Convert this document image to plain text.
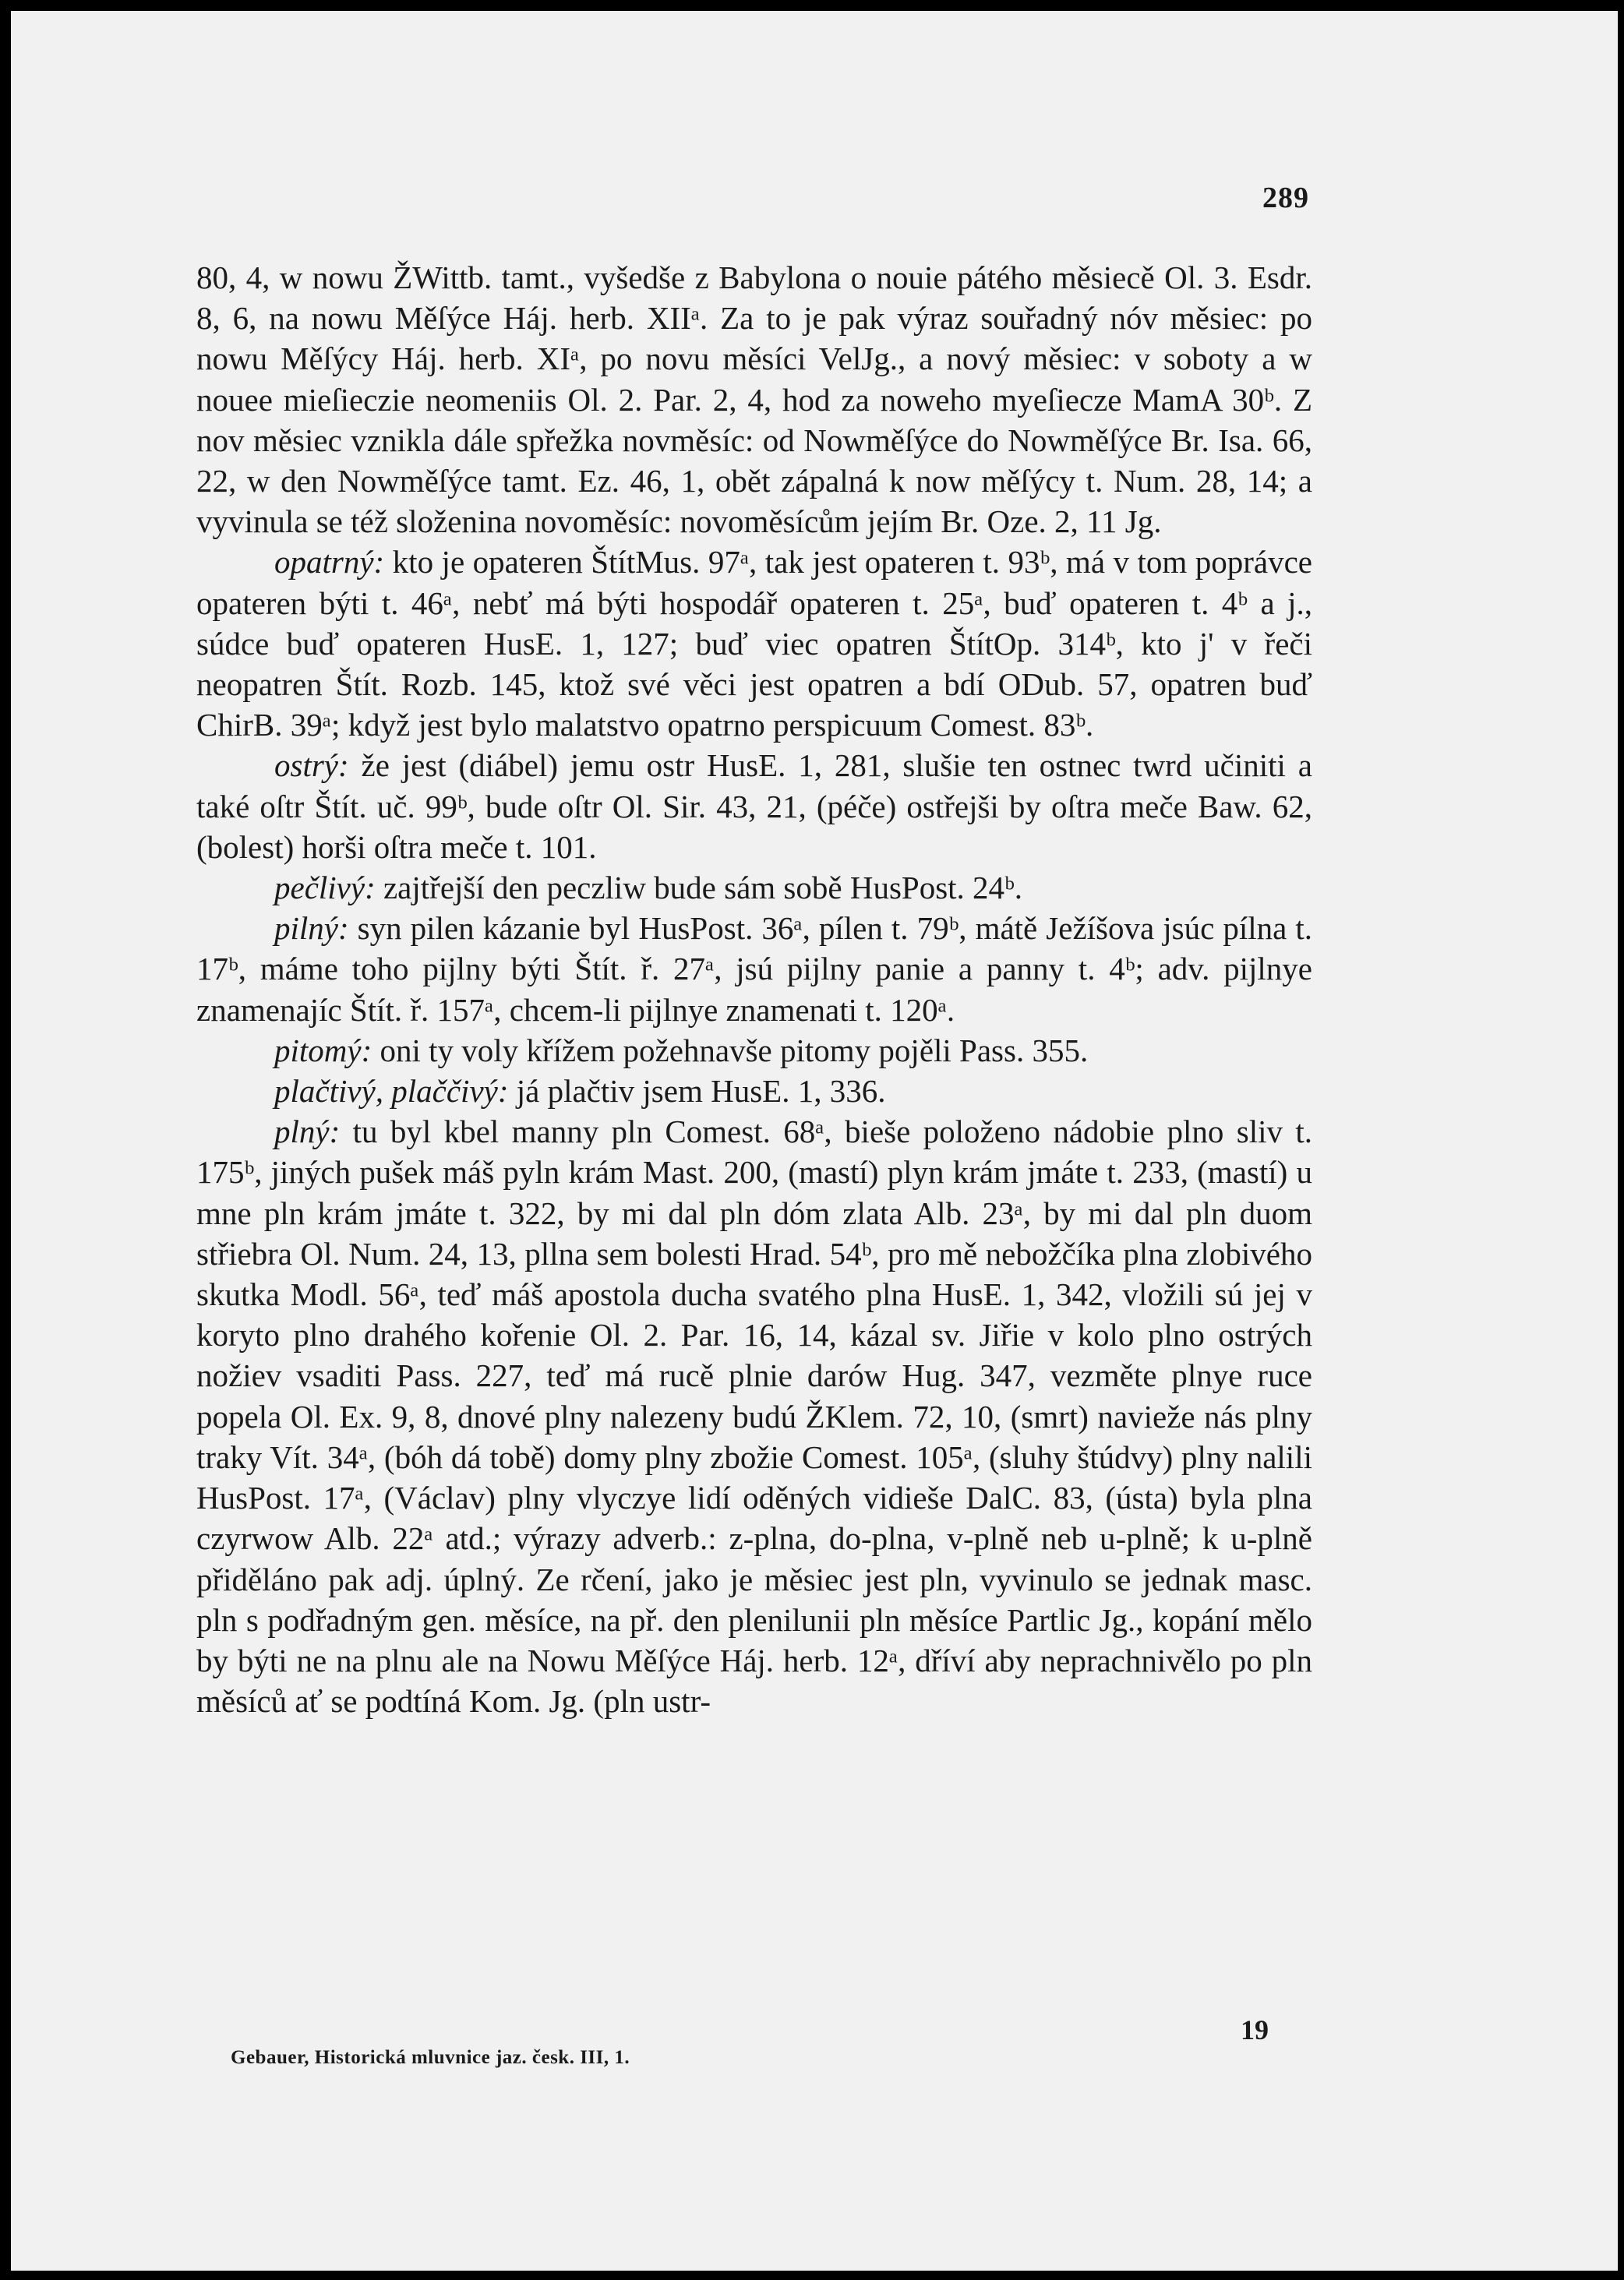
289

80, 4, w nowu ŽWittb. tamt., vyšedše z Babylona o nouie pátého měsiecě Ol. 3. Esdr. 8, 6, na nowu Měſýce Háj. herb. XIIᵃ. Za to je pak výraz souřadný nóv měsiec: po nowu Měſýcy Háj. herb. XIᵃ, po novu měsíci VelJg., a nový měsiec: v soboty a w nouee mieſieczie neomeniis Ol. 2. Par. 2, 4, hod za noweho myeſiecze MamA 30ᵇ. Z nov měsiec vznikla dále spřežka novměsíc: od Nowměſýce do Nowměſýce Br. Isa. 66, 22, w den Nowměſýce tamt. Ez. 46, 1, obět zápalná k now měſýcy t. Num. 28, 14; a vyvinula se též složenina novoměsíc: novoměsícům jejím Br. Oze. 2, 11 Jg.

opatrný: kto je opateren ŠtítMus. 97ᵃ, tak jest opateren t. 93ᵇ, má v tom poprávce opateren býti t. 46ᵃ, nebť má býti hospodář opateren t. 25ᵃ, buď opateren t. 4ᵇ a j., súdce buď opateren HusE. 1, 127; buď viec opatren ŠtítOp. 314ᵇ, kto j' v řeči neopatren Štít. Rozb. 145, ktož své věci jest opatren a bdí ODub. 57, opatren buď ChirB. 39ᵃ; když jest bylo malatstvo opatrno perspicuum Comest. 83ᵇ.

ostrý: že jest (diábel) jemu ostr HusE. 1, 281, slušie ten ostnec twrd učiniti a také oſtr Štít. uč. 99ᵇ, bude oſtr Ol. Sir. 43, 21, (péče) ostřejši by oſtra meče Baw. 62, (bolest) horši oſtra meče t. 101.

pečlivý: zajtřejší den peczliw bude sám sobě HusPost. 24ᵇ.

pilný: syn pilen kázanie byl HusPost. 36ᵃ, pílen t. 79ᵇ, mátě Ježíšova jsúc pílna t. 17ᵇ, máme toho pijlny býti Štít. ř. 27ᵃ, jsú pijlny panie a panny t. 4ᵇ; adv. pijlnye znamenajíc Štít. ř. 157ᵃ, chcem-li pijlnye znamenati t. 120ᵃ.

pitomý: oni ty voly křížem požehnavše pitomy pojěli Pass. 355.

plačtivý, plaččivý: já plačtiv jsem HusE. 1, 336.

plný: tu byl kbel manny pln Comest. 68ᵃ, bieše položeno nádobie plno sliv t. 175ᵇ, jiných pušek máš pyln krám Mast. 200, (mastí) plyn krám jmáte t. 233, (mastí) u mne pln krám jmáte t. 322, by mi dal pln dóm zlata Alb. 23ᵃ, by mi dal pln duom střiebra Ol. Num. 24, 13, pllna sem bolesti Hrad. 54ᵇ, pro mě nebožčíka plna zlobivého skutka Modl. 56ᵃ, teď máš apostola ducha svatého plna HusE. 1, 342, vložili sú jej v koryto plno drahého kořenie Ol. 2. Par. 16, 14, kázal sv. Jiřie v kolo plno ostrých nožiev vsaditi Pass. 227, teď má rucě plnie darów Hug. 347, vezměte plnye ruce popela Ol. Ex. 9, 8, dnové plny nalezeny budú ŽKlem. 72, 10, (smrt) navieže nás plny traky Vít. 34ᵃ, (bóh dá tobě) domy plny zbožie Comest. 105ᵃ, (sluhy štúdvy) plny nalili HusPost. 17ᵃ, (Václav) plny vlyczye lidí oděných vidieše DalC. 83, (ústa) byla plna czyrwow Alb. 22ᵃ atd.; výrazy adverb.: z-plna, do-plna, v-plně neb u-plně; k u-plně přiděláno pak adj. úplný. Ze rčení, jako je měsiec jest pln, vyvinulo se jednak masc. pln s podřadným gen. měsíce, na př. den plenilunii pln měsíce Partlic Jg., kopání mělo by býti ne na plnu ale na Nowu Měſýce Háj. herb. 12ᵃ, dříví aby neprachnivělo po pln měsíců ať se podtíná Kom. Jg. (pln ustr-

Gebauer, Historická mluvnice jaz. česk. III, 1.
19
